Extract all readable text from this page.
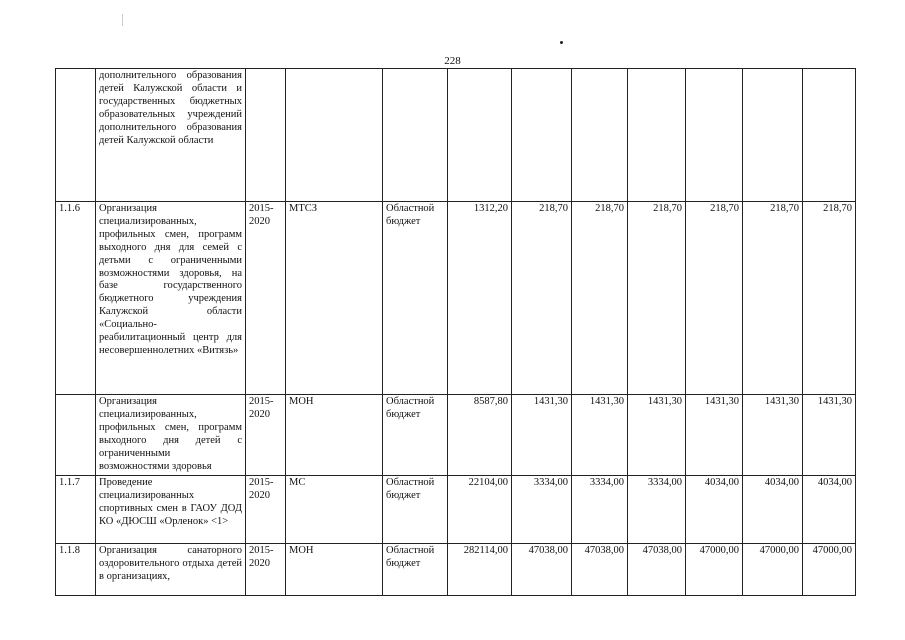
228
	дополнительного образования детей Калужской области и государственных бюджетных образовательных учреждений дополнительного образования детей Калужской области										
1.1.6	Организация специализированных, профильных смен, программ выходного дня для семей с детьми с ограниченными возможностями здоровья, на базе государственного бюджетного учреждения Калужской области «Социально-реабилитационный центр для несовершеннолетних «Витязь»	2015-2020	МТСЗ	Областной бюджет	1312,20	218,70	218,70	218,70	218,70	218,70	218,70
	Организация специализированных, профильных смен, программ выходного дня детей с ограниченными возможностями здоровья	2015-2020	МОН	Областной бюджет	8587,80	1431,30	1431,30	1431,30	1431,30	1431,30	1431,30
1.1.7	Проведение специализированных спортивных смен в ГАОУ ДОД КО «ДЮСШ «Орленок» <1>	2015-2020	МС	Областной бюджет	22104,00	3334,00	3334,00	3334,00	4034,00	4034,00	4034,00
1.1.8	Организация санаторного оздоровительного отдыха детей в организациях,	2015-2020	МОН	Областной бюджет	282114,00	47038,00	47038,00	47038,00	47000,00	47000,00	47000,00
